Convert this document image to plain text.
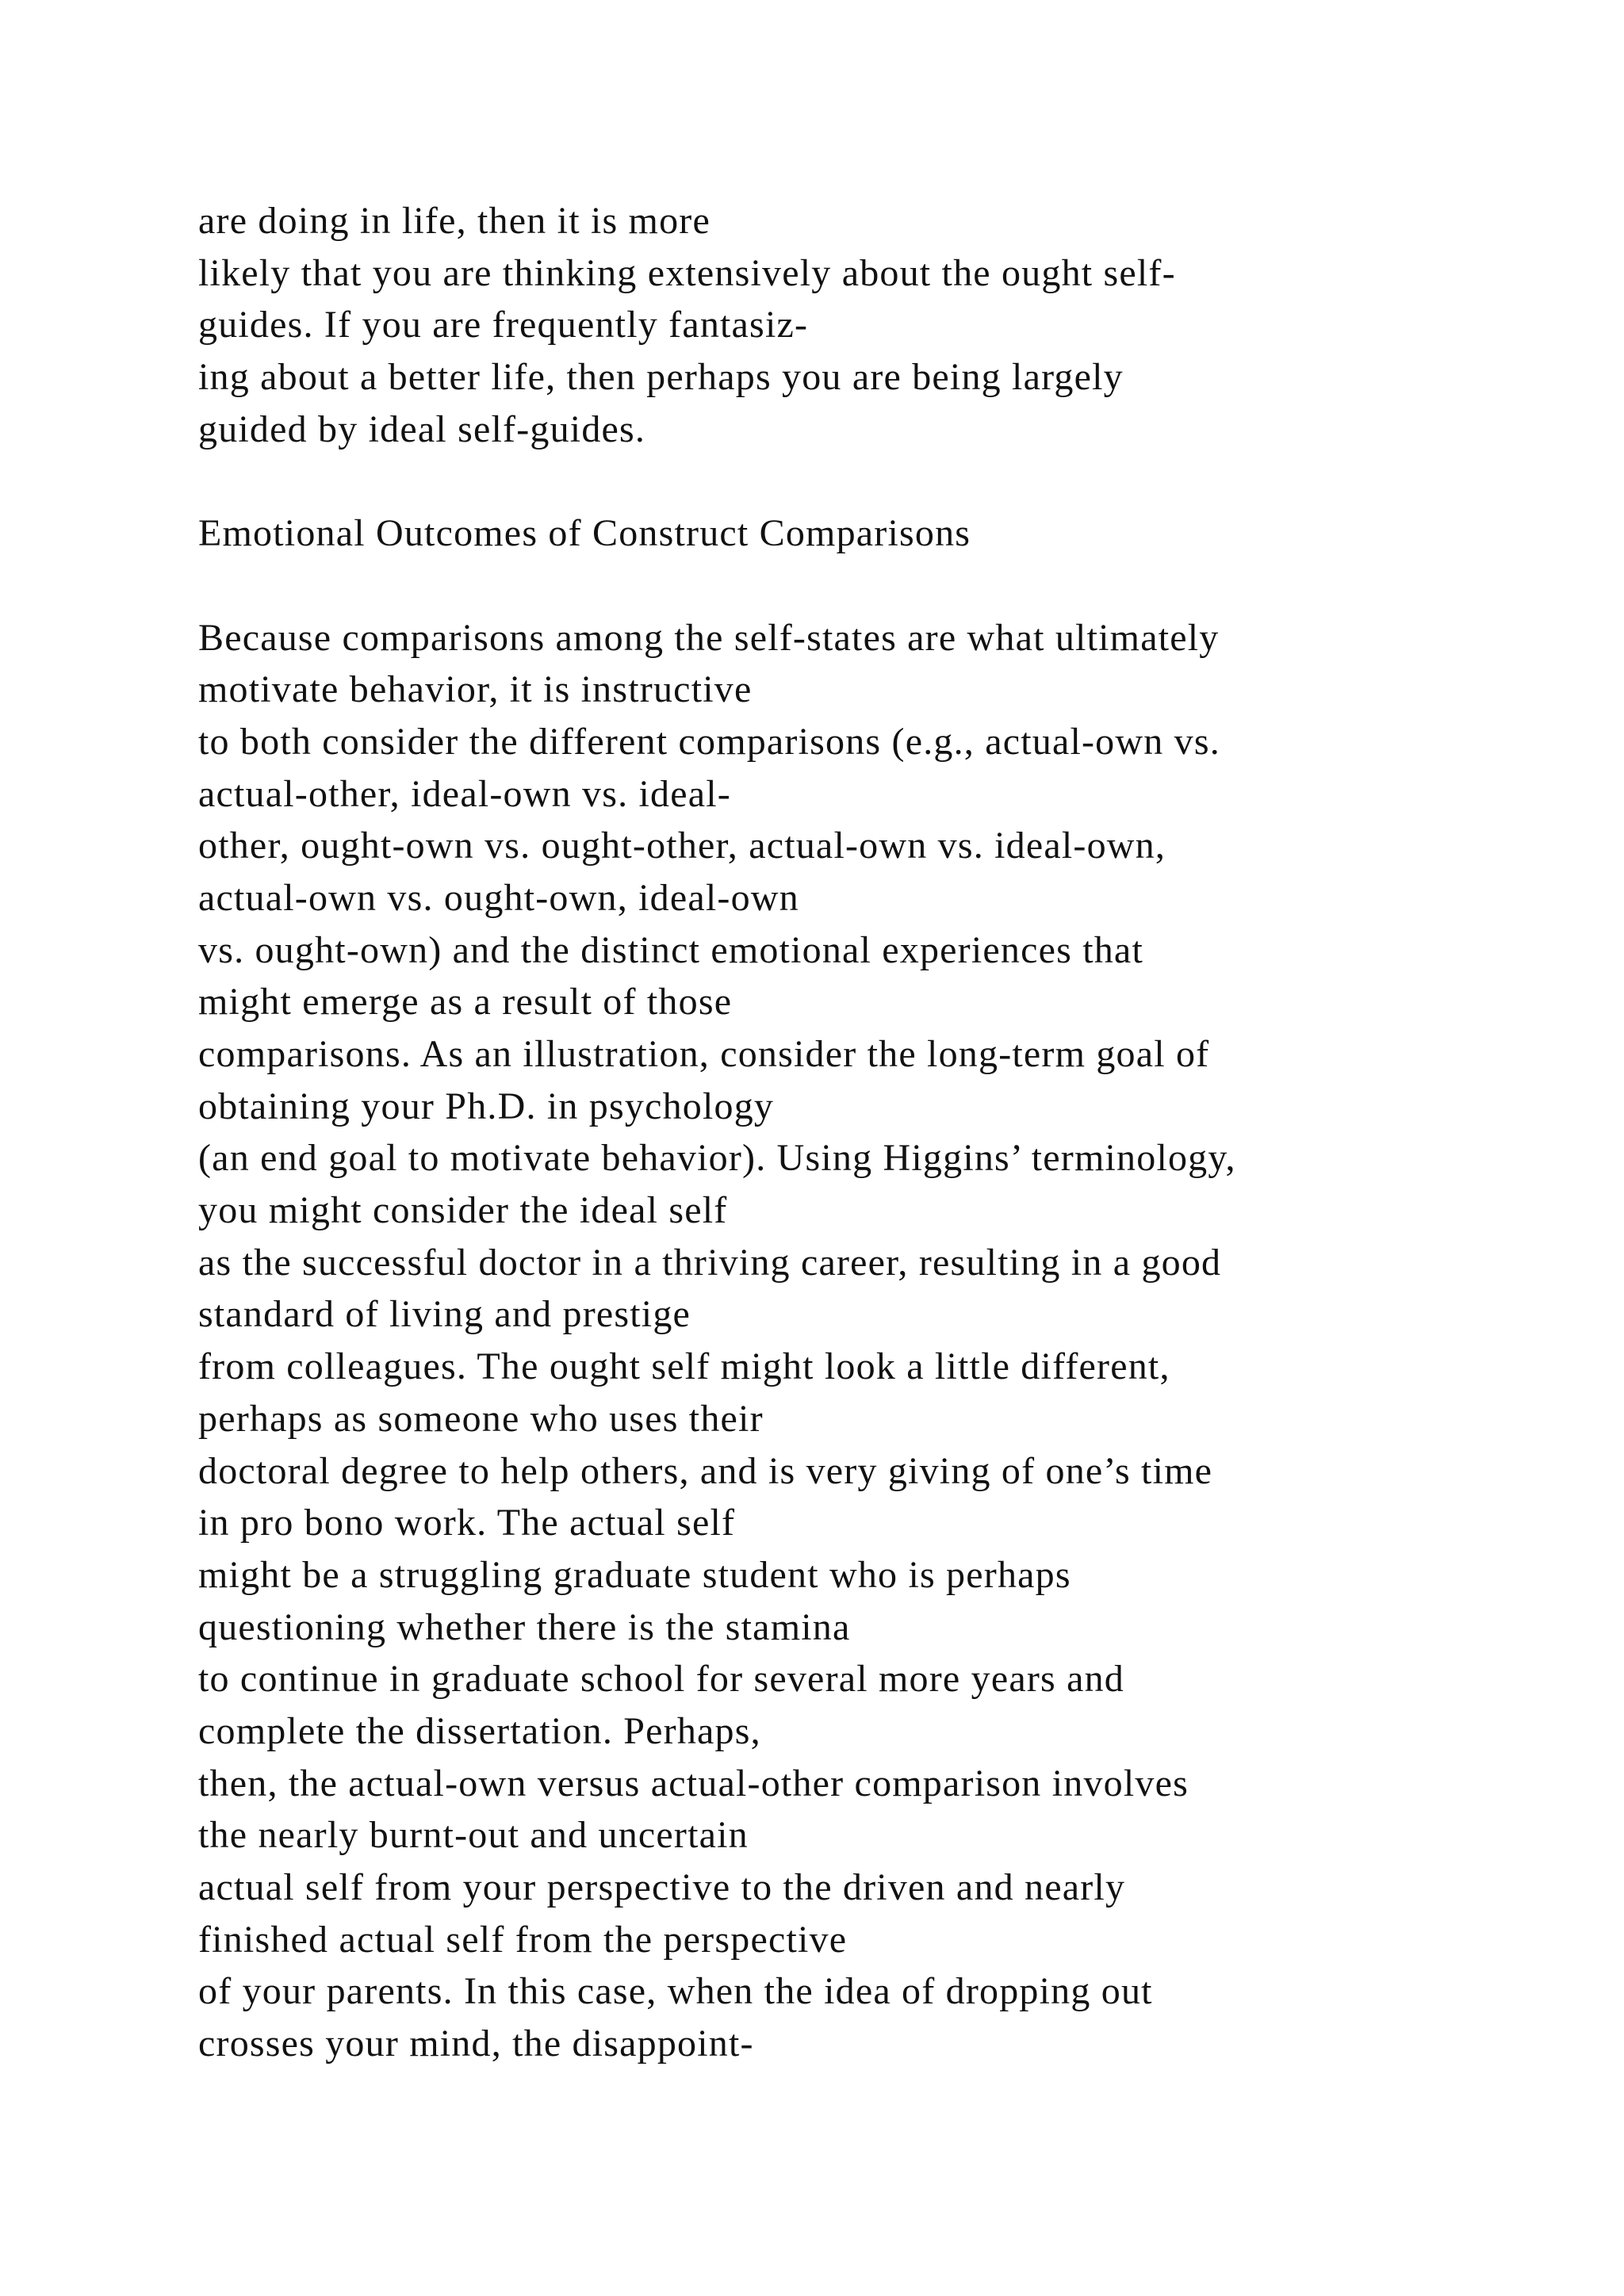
are doing in life, then it is more
likely that you are thinking extensively about the ought self-
guides. If you are frequently fantasiz-
ing about a better life, then perhaps you are being largely
guided by ideal self-guides.
Emotional Outcomes of Construct Comparisons
Because comparisons among the self-states are what ultimately
motivate behavior, it is instructive
to both consider the different comparisons (e.g., actual-own vs.
actual-other, ideal-own vs. ideal-
other, ought-own vs. ought-other, actual-own vs. ideal-own,
actual-own vs. ought-own, ideal-own
vs. ought-own) and the distinct emotional experiences that
might emerge as a result of those
comparisons. As an illustration, consider the long-term goal of
obtaining your Ph.D. in psychology
(an end goal to motivate behavior). Using Higgins’ terminology,
you might consider the ideal self
as the successful doctor in a thriving career, resulting in a good
standard of living and prestige
from colleagues. The ought self might look a little different,
perhaps as someone who uses their
doctoral degree to help others, and is very giving of one’s time
in pro bono work. The actual self
might be a struggling graduate student who is perhaps
questioning whether there is the stamina
to continue in graduate school for several more years and
complete the dissertation. Perhaps,
then, the actual-own versus actual-other comparison involves
the nearly burnt-out and uncertain
actual self from your perspective to the driven and nearly
finished actual self from the perspective
of your parents. In this case, when the idea of dropping out
crosses your mind, the disappoint-
